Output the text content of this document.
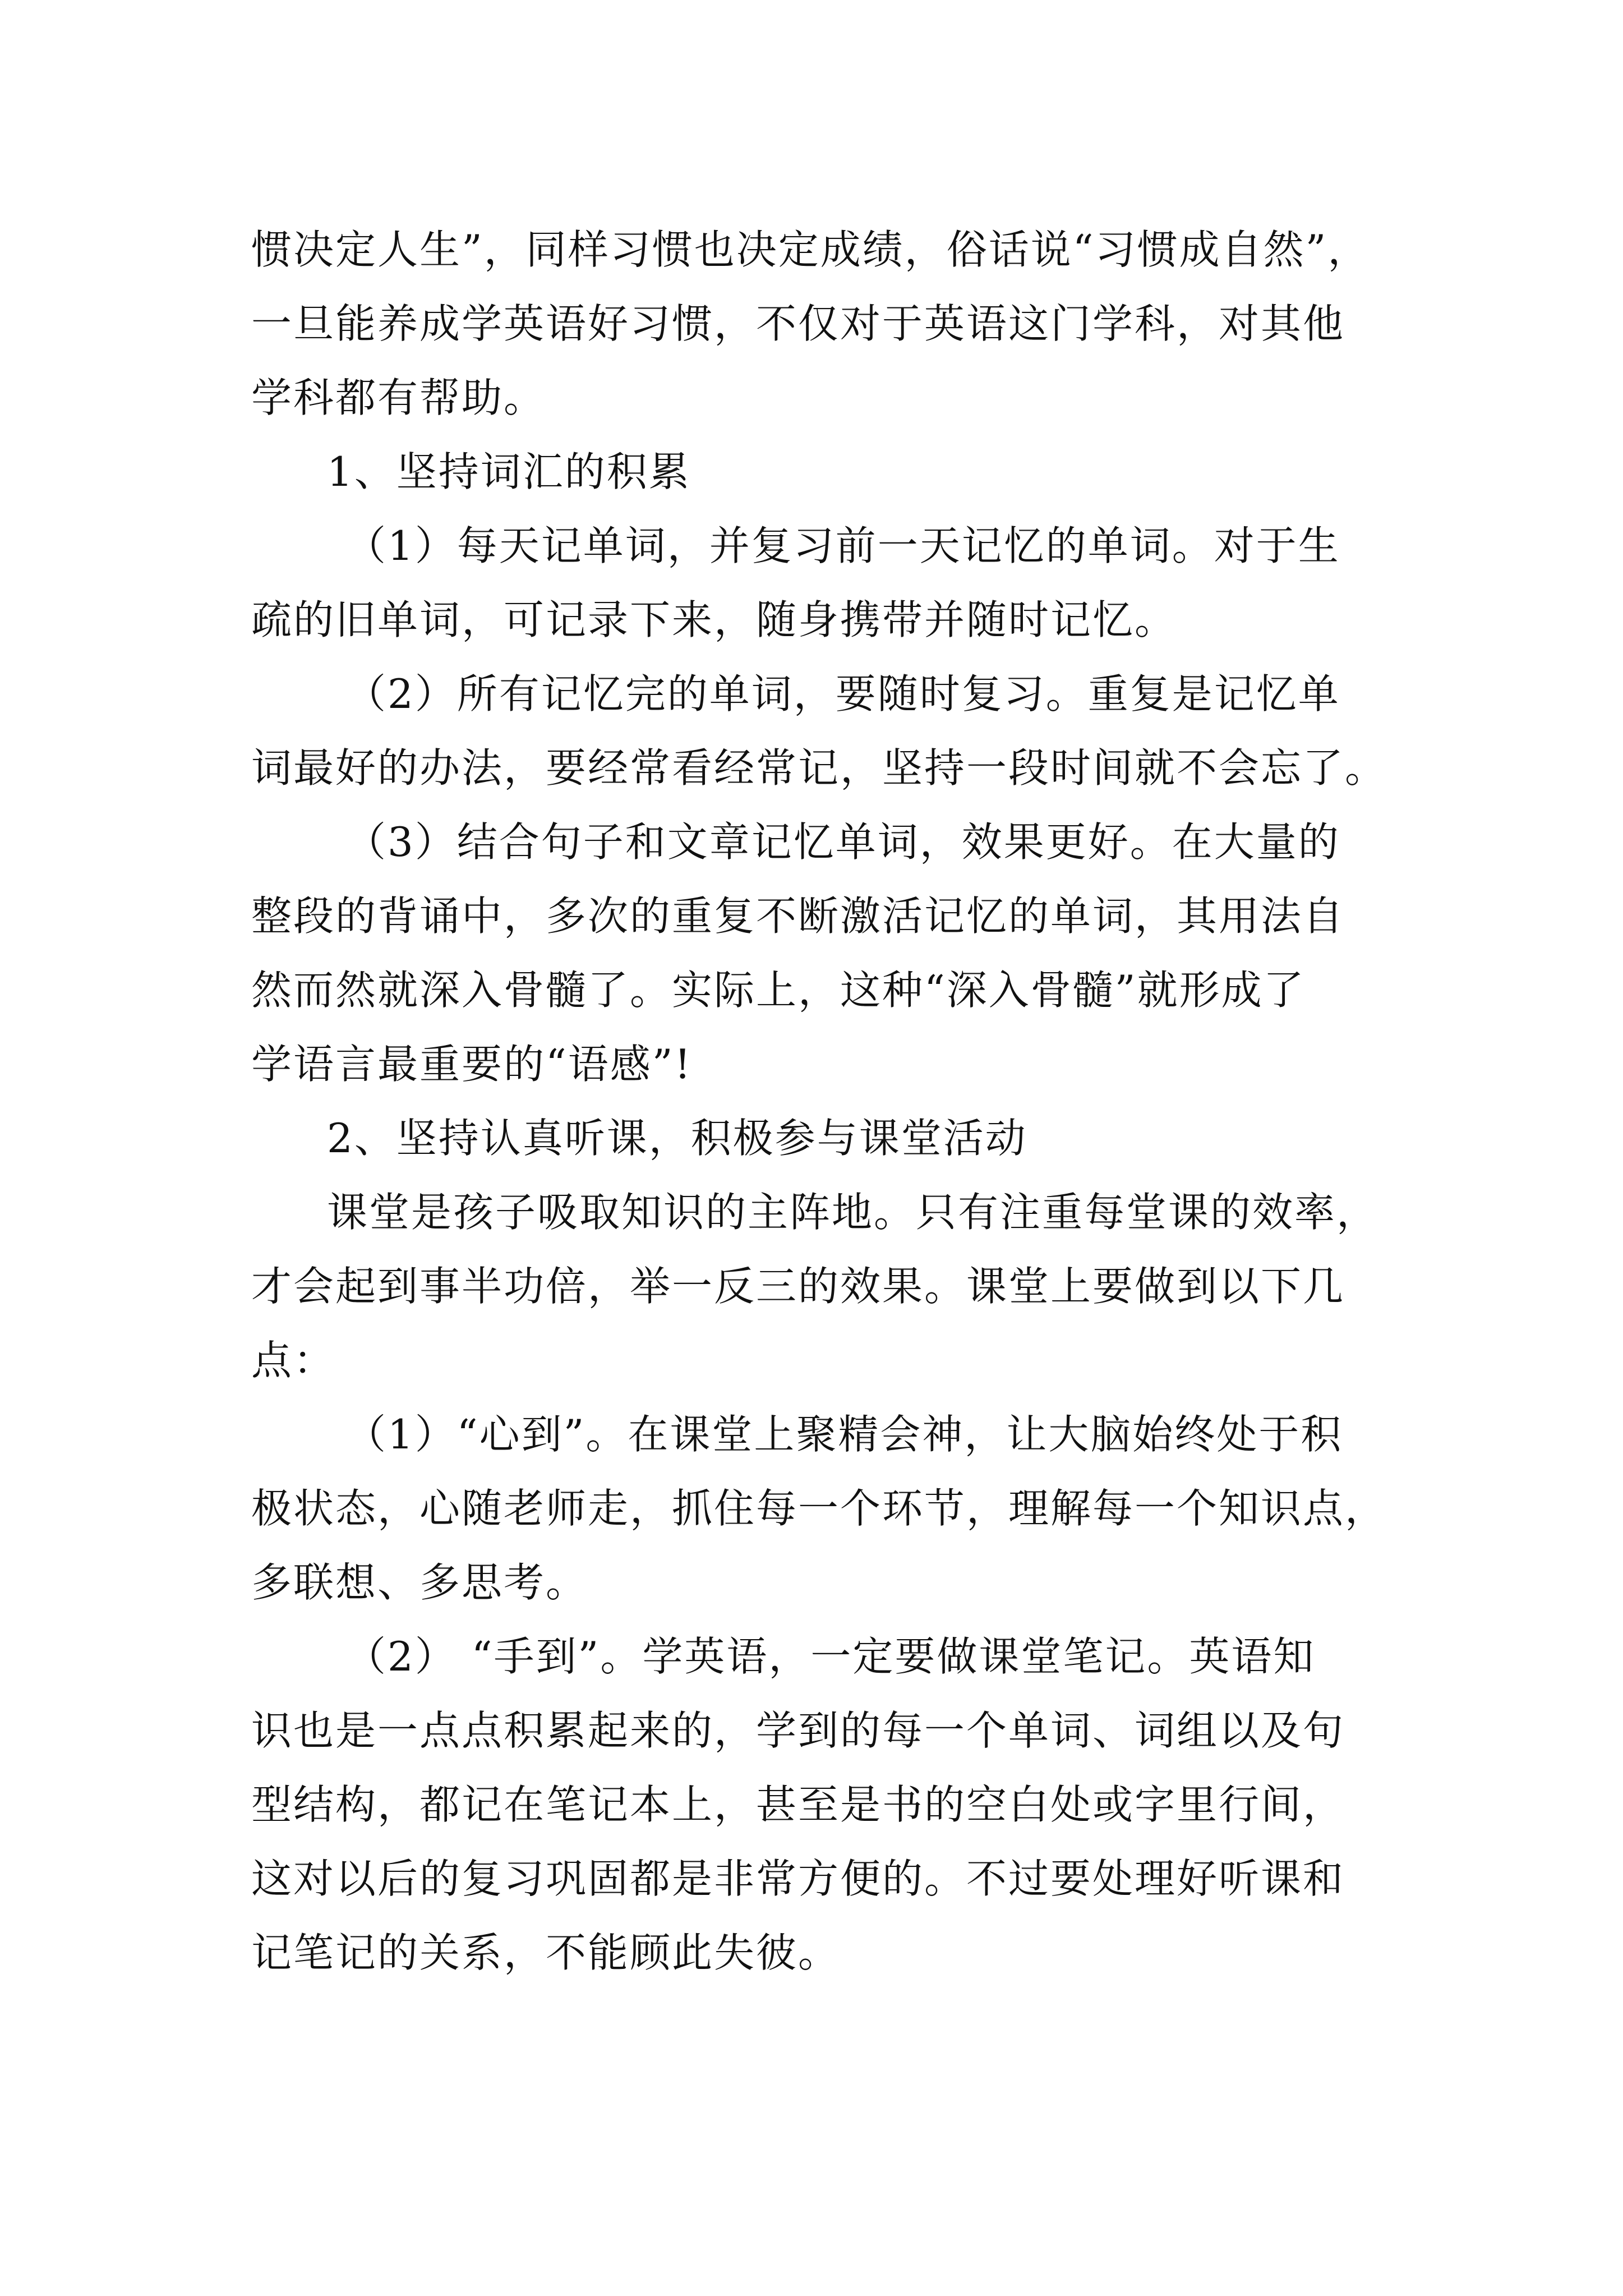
惯决定人生”，同样习惯也决定成绩，俗话说“习惯成自然”，
一旦能养成学英语好习惯，不仅对于英语这门学科，对其他
学科都有帮助。
1、坚持词汇的积累
（1）每天记单词，并复习前一天记忆的单词。对于生
疏的旧单词，可记录下来，随身携带并随时记忆。
（2）所有记忆完的单词，要随时复习。重复是记忆单
词最好的办法，要经常看经常记，坚持一段时间就不会忘了。
（3）结合句子和文章记忆单词，效果更好。在大量的
整段的背诵中，多次的重复不断激活记忆的单词，其用法自
然而然就深入骨髓了。实际上，这种“深入骨髓”就形成了
学语言最重要的“语感”!
2、坚持认真听课，积极参与课堂活动
课堂是孩子吸取知识的主阵地。只有注重每堂课的效率，
才会起到事半功倍，举一反三的效果。课堂上要做到以下几
点：
（1）“心到”。在课堂上聚精会神，让大脑始终处于积
极状态，心随老师走，抓住每一个环节，理解每一个知识点，
多联想、多思考。
（2） “手到”。学英语，一定要做课堂笔记。英语知
识也是一点点积累起来的，学到的每一个单词、词组以及句
型结构，都记在笔记本上，甚至是书的空白处或字里行间，
这对以后的复习巩固都是非常方便的。不过要处理好听课和
记笔记的关系，不能顾此失彼。
